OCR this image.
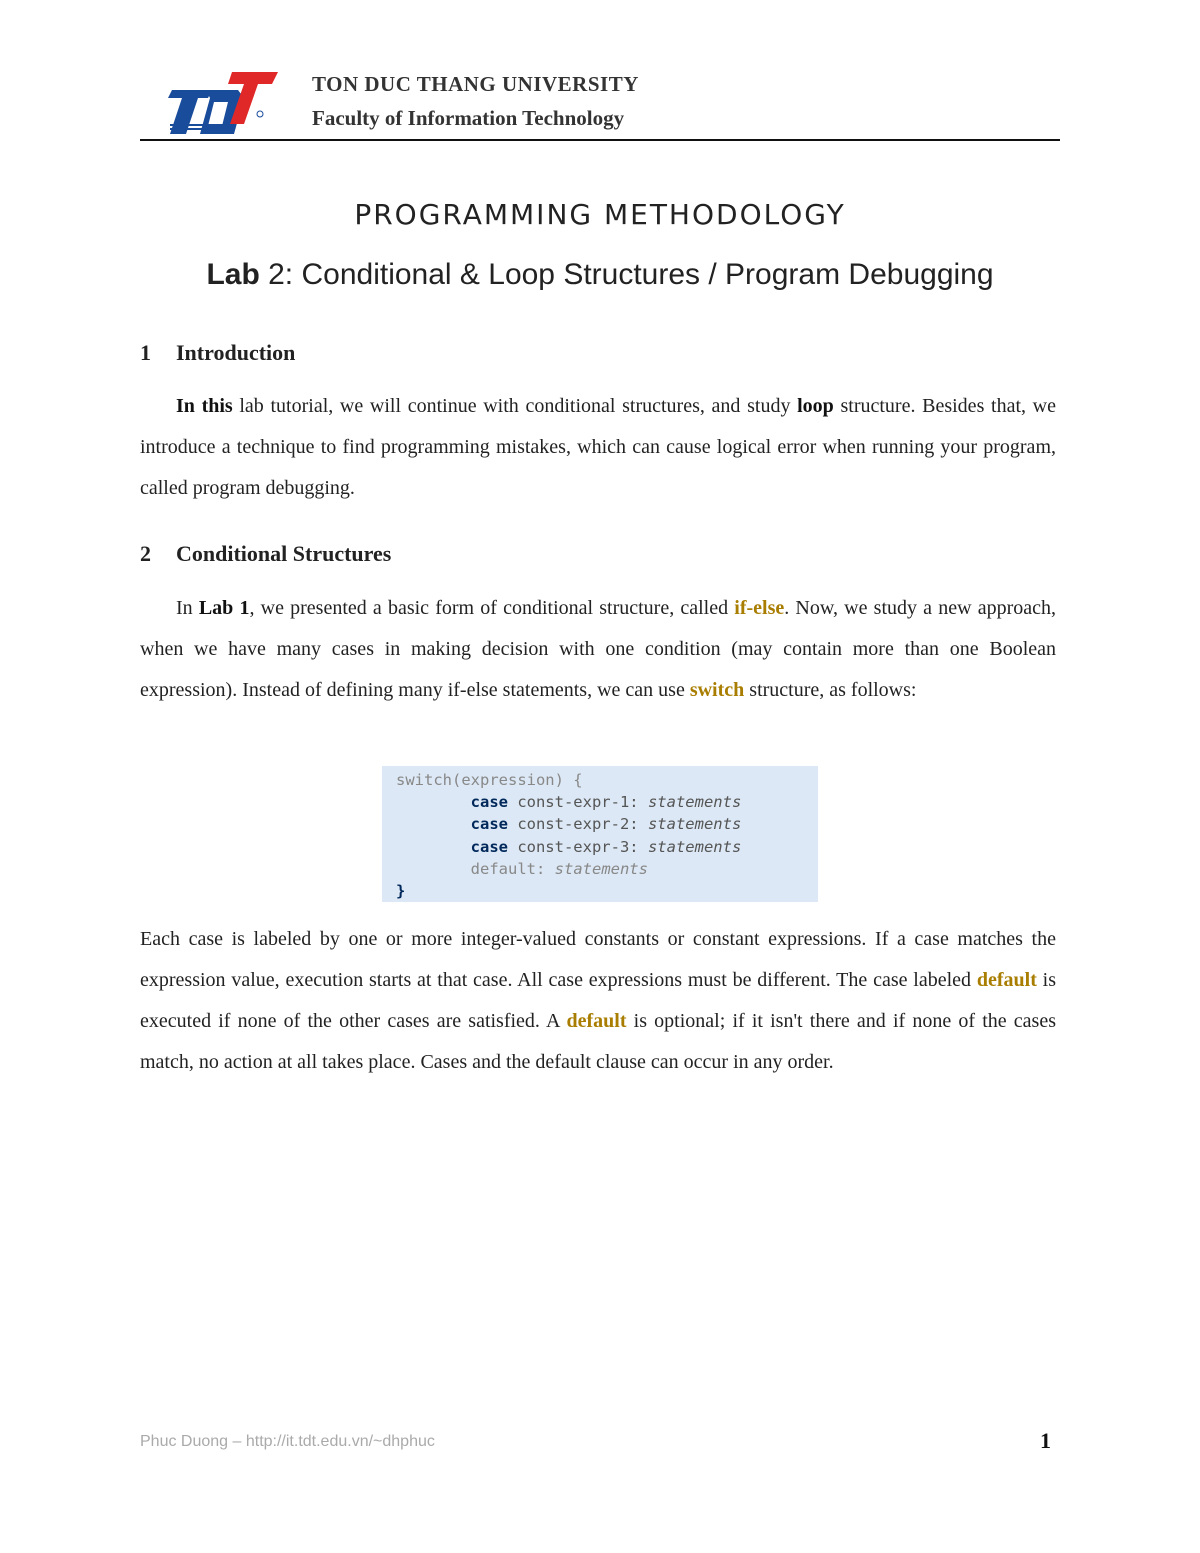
TON DUC THANG UNIVERSITY
Faculty of Information Technology
PROGRAMMING METHODOLOGY
Lab 2: Conditional & Loop Structures / Program Debugging
1 Introduction
In this lab tutorial, we will continue with conditional structures, and study loop structure. Besides that, we introduce a technique to find programming mistakes, which can cause logical error when running your program, called program debugging.
2 Conditional Structures
In Lab 1, we presented a basic form of conditional structure, called if-else. Now, we study a new approach, when we have many cases in making decision with one condition (may contain more than one Boolean expression). Instead of defining many if-else statements, we can use switch structure, as follows:
switch(expression) {
case const-expr-1: statements
case const-expr-2: statements
case const-expr-3: statements
default: statements
}
Each case is labeled by one or more integer-valued constants or constant expressions. If a case matches the expression value, execution starts at that case. All case expressions must be different. The case labeled default is executed if none of the other cases are satisfied. A default is optional; if it isn't there and if none of the cases match, no action at all takes place. Cases and the default clause can occur in any order.
Phuc Duong – http://it.tdt.edu.vn/~dhphuc	1
